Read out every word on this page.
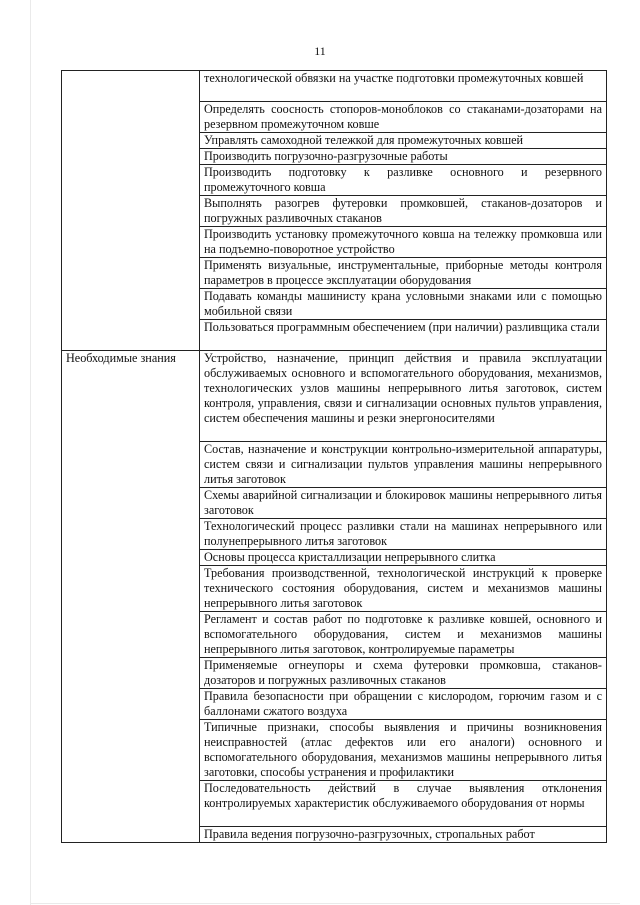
11
	технологической обвязки на участке подготовки промежуточных ковшей
	Определять соосность стопоров-моноблоков со стаканами-дозаторами на резервном промежуточном ковше
	Управлять самоходной тележкой для промежуточных ковшей
	Производить погрузочно-разгрузочные работы
	Производить подготовку к разливке основного и резервного промежуточного ковша
	Выполнять разогрев футеровки промковшей, стаканов-дозаторов и погружных разливочных стаканов
	Производить установку промежуточного ковша на тележку промковша или на подъемно-поворотное устройство
	Применять визуальные, инструментальные, приборные методы контроля параметров в процессе эксплуатации оборудования
	Подавать команды машинисту крана условными знаками или с помощью мобильной связи
	Пользоваться программным обеспечением (при наличии) разливщика стали
Необходимые знания	Устройство, назначение, принцип действия и правила эксплуатации обслуживаемых основного и вспомогательного оборудования, механизмов, технологических узлов машины непрерывного литья заготовок, систем контроля, управления, связи и сигнализации основных пультов управления, систем обеспечения машины и резки энергоносителями
	Состав, назначение и конструкции контрольно-измерительной аппаратуры, систем связи и сигнализации пультов управления машины непрерывного литья заготовок
	Схемы аварийной сигнализации и блокировок машины непрерывного литья заготовок
	Технологический процесс разливки стали на машинах непрерывного или полунепрерывного литья заготовок
	Основы процесса кристаллизации непрерывного слитка
	Требования производственной, технологической инструкций к проверке технического состояния оборудования, систем и механизмов машины непрерывного литья заготовок
	Регламент и состав работ по подготовке к разливке ковшей, основного и вспомогательного оборудования, систем и механизмов машины непрерывного литья заготовок, контролируемые параметры
	Применяемые огнеупоры и схема футеровки промковша, стаканов-дозаторов и погружных разливочных стаканов
	Правила безопасности при обращении с кислородом, горючим газом и с баллонами сжатого воздуха
	Типичные признаки, способы выявления и причины возникновения неисправностей (атлас дефектов или его аналоги) основного и вспомогательного оборудования, механизмов машины непрерывного литья заготовки, способы устранения и профилактики
	Последовательность действий в случае выявления отклонения контролируемых характеристик обслуживаемого оборудования от нормы
	Правила ведения погрузочно-разгрузочных, стропальных работ
